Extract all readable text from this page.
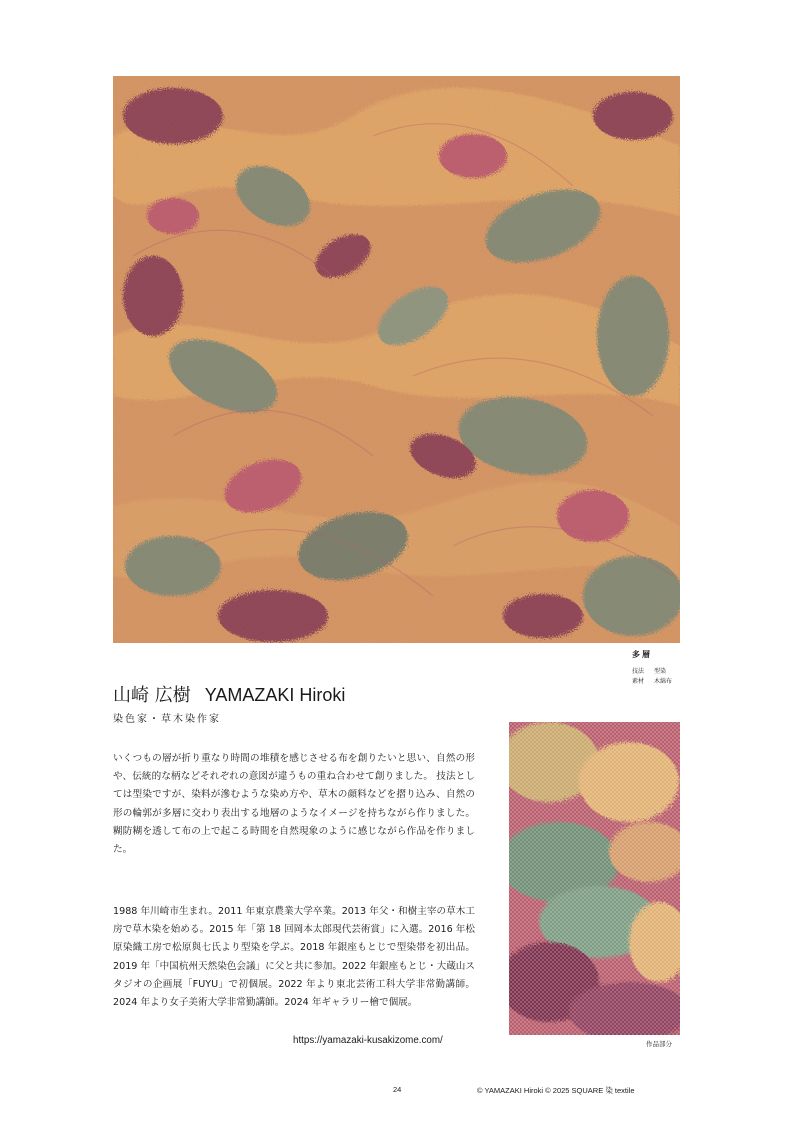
多層
技法 型染
素材 木綿布
山崎 広樹 YAMAZAKI Hiroki
染色家・草木染作家

いくつもの層が折り重なり時間の堆積を感じさせる布を創りたいと思い、自然の形や、伝統的な柄などそれぞれの意図が違うもの重ね合わせて創りました。 技法としては型染ですが、染料が滲むような染め方や、草木の顔料などを摺り込み、自然の形の輪郭が多層に交わり表出する地層のようなイメージを持ちながら作りました。 糊防糊を透して布の上で起こる時間を自然現象のように感じながら作品を作りました。

1988 年川崎市生まれ。2011 年東京農業大学卒業。2013 年父・和樹主宰の草木工房で草木染を始める。2015 年「第 18 回岡本太郎現代芸術賞」に入選。2016 年松原染織工房で松原與七氏より型染を学ぶ。2018 年銀座もとじで型染帯を初出品。2019 年「中国杭州天然染色会議」に父と共に参加。2022 年銀座もとじ・大蔵山スタジオの企画展「FUYU」で初個展。2022 年より東北芸術工科大学非常勤講師。2024 年より女子美術大学非常勤講師。2024 年ギャラリー檜で個展。

https://yamazaki-kusakizome.com/	作品部分
24	© YAMAZAKI Hiroki © 2025 SQUARE 染 textile
